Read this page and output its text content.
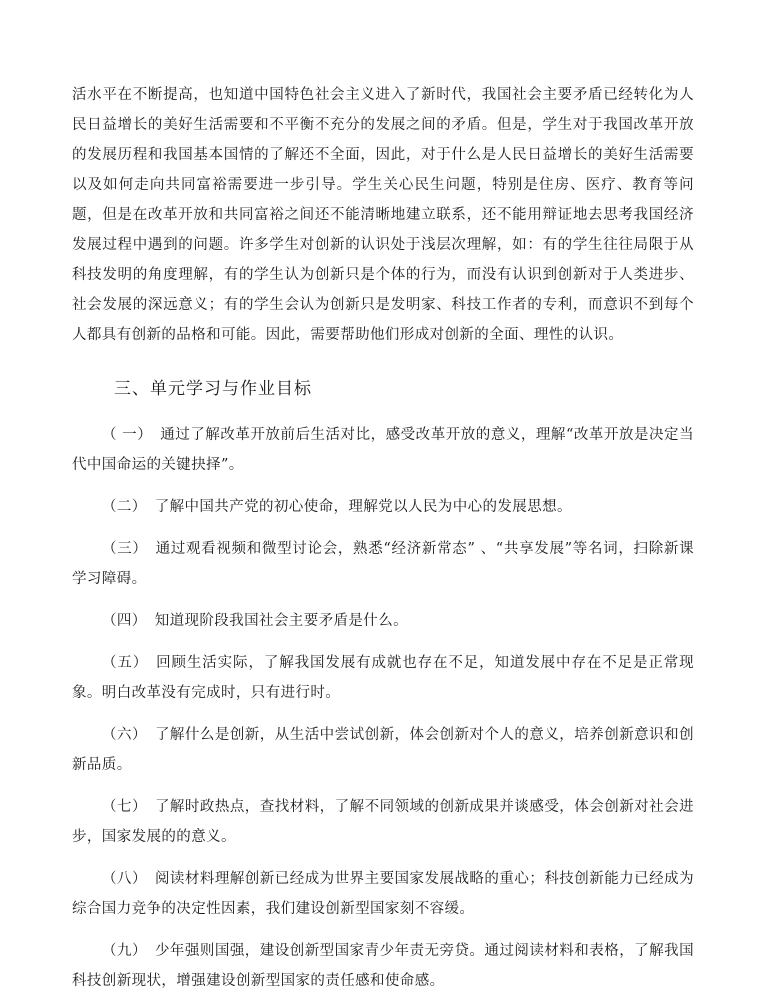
活水平在不断提高，也知道中国特色社会主义进入了新时代，我国社会主要矛盾已经转化为人民日益增长的美好生活需要和不平衡不充分的发展之间的矛盾。但是，学生对于我国改革开放的发展历程和我国基本国情的了解还不全面，因此，对于什么是人民日益增长的美好生活需要以及如何走向共同富裕需要进一步引导。学生关心民生问题，特别是住房、医疗、教育等问题，但是在改革开放和共同富裕之间还不能清晰地建立联系，还不能用辩证地去思考我国经济发展过程中遇到的问题。许多学生对创新的认识处于浅层次理解，如：有的学生往往局限于从科技发明的角度理解，有的学生认为创新只是个体的行为，而没有认识到创新对于人类进步、社会发展的深远意义；有的学生会认为创新只是发明家、科技工作者的专利，而意识不到每个人都具有创新的品格和可能。因此，需要帮助他们形成对创新的全面、理性的认识。

三、单元学习与作业目标

（ 一） 通过了解改革开放前后生活对比，感受改革开放的意义，理解“改革开放是决定当代中国命运的关键抉择”。

（二） 了解中国共产党的初心使命，理解党以人民为中心的发展思想。

（三） 通过观看视频和微型讨论会，熟悉“经济新常态” 、“共享发展”等名词，扫除新课学习障碍。

（四） 知道现阶段我国社会主要矛盾是什么。

（五） 回顾生活实际，了解我国发展有成就也存在不足，知道发展中存在不足是正常现象。明白改革没有完成时，只有进行时。

（六） 了解什么是创新，从生活中尝试创新，体会创新对个人的意义，培养创新意识和创新品质。

（七） 了解时政热点，查找材料，了解不同领域的创新成果并谈感受，体会创新对社会进步，国家发展的的意义。

（八） 阅读材料理解创新已经成为世界主要国家发展战略的重心；科技创新能力已经成为综合国力竞争的决定性因素，我们建设创新型国家刻不容缓。

（九） 少年强则国强，建设创新型国家青少年责无旁贷。通过阅读材料和表格，了解我国科技创新现状，增强建设创新型国家的责任感和使命感。
